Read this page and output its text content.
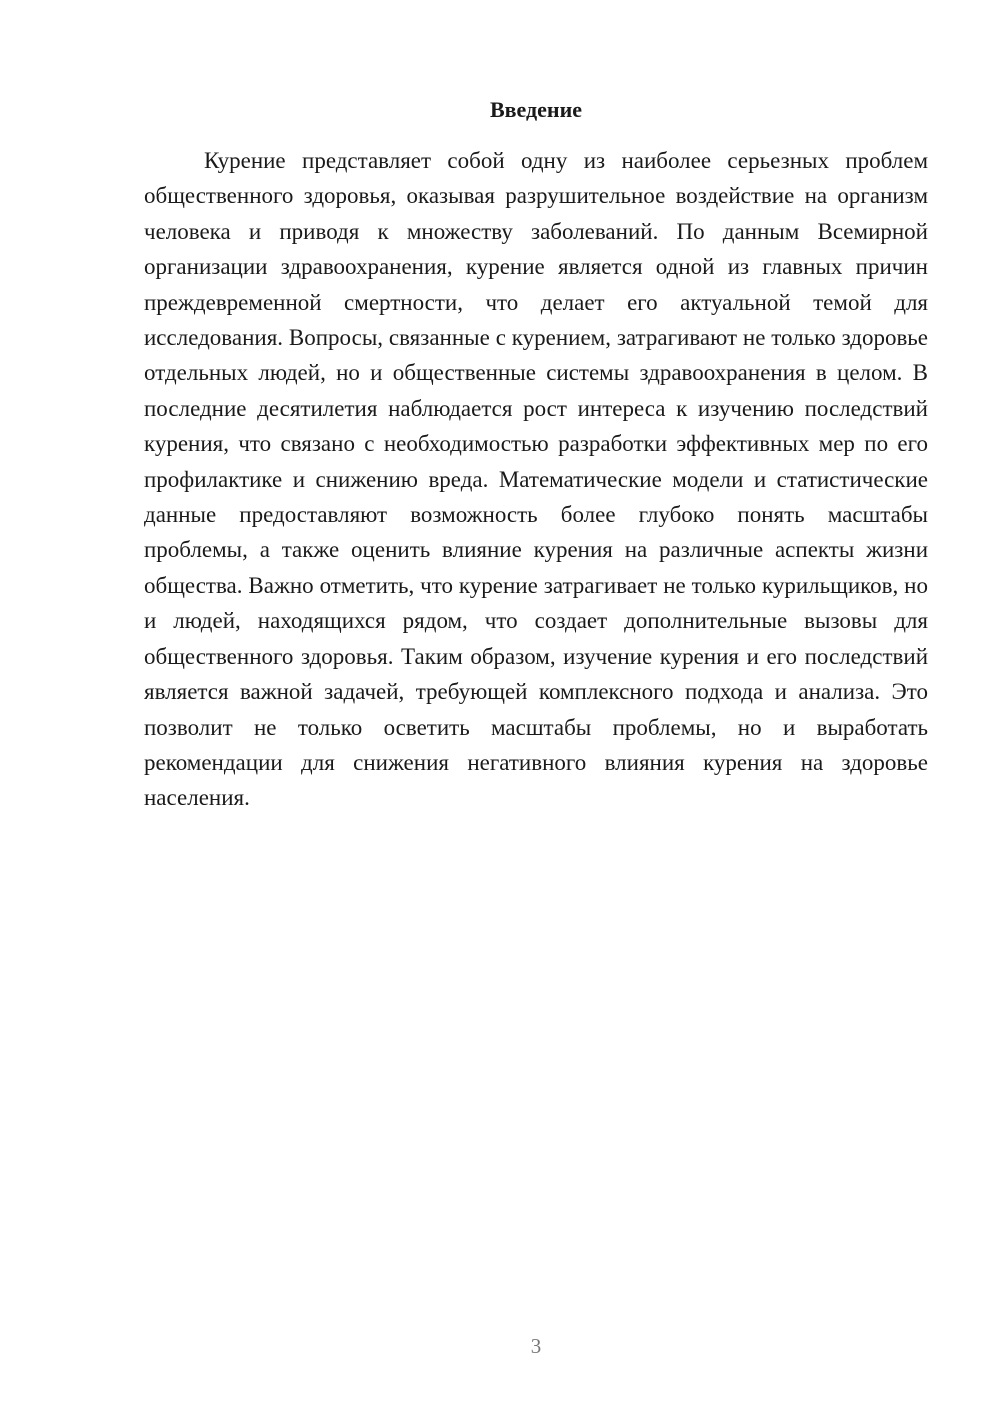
Введение

Курение представляет собой одну из наиболее серьезных проблем общественного здоровья, оказывая разрушительное воздействие на организм человека и приводя к множеству заболеваний. По данным Всемирной организации здравоохранения, курение является одной из главных причин преждевременной смертности, что делает его актуальной темой для исследования. Вопросы, связанные с курением, затрагивают не только здоровье отдельных людей, но и общественные системы здравоохранения в целом. В последние десятилетия наблюдается рост интереса к изучению последствий курения, что связано с необходимостью разработки эффективных мер по его профилактике и снижению вреда. Математические модели и статистические данные предоставляют возможность более глубоко понять масштабы проблемы, а также оценить влияние курения на различные аспекты жизни общества. Важно отметить, что курение затрагивает не только курильщиков, но и людей, находящихся рядом, что создает дополнительные вызовы для общественного здоровья. Таким образом, изучение курения и его последствий является важной задачей, требующей комплексного подхода и анализа. Это позволит не только осветить масштабы проблемы, но и выработать рекомендации для снижения негативного влияния курения на здоровье населения.

3
